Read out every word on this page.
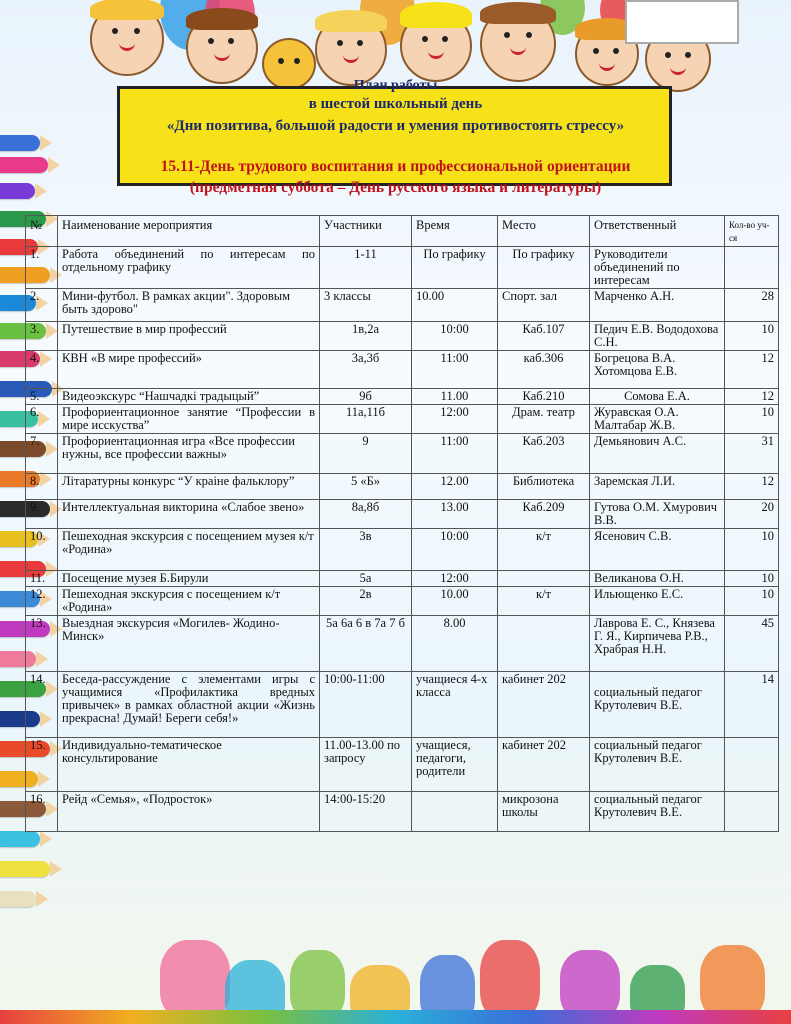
План работы
в шестой школьный день
«Дни позитива, большой радости и умения противостоять стрессу»
15.11-День трудового воспитания и профессиональной ориентации
(предметная суббота – День русского языка и литературы)
№	Наименование мероприятия	Участники	Время	Место	Ответственный	Кол-во уч-ся
1.	Работа объединений по интересам по отдельному графику	1-11	По графику	По графику	Руководители объединений по интересам	
2.	Мини-футбол. В рамках акции". Здоровым быть здорово"	3 классы	10.00	Спорт. зал	Марченко А.Н.	28
3.	Путешествие в мир профессий	1в,2а	10:00	Каб.107	Педич Е.В. Вододохова С.Н.	10
4.	КВН «В мире профессий»	3а,3б	11:00	каб.306	Богрецова В.А. Хотомцова Е.В.	12
5.	Видеоэкскурс “Нашчадкі традыцый”	9б	11.00	Каб.210	Сомова Е.А.	12
6.	Профориентационное занятие “Профессии в мире исскуства”	11а,11б	12:00	Драм. театр	Журавская О.А. Малтабар Ж.В.	10
7.	Профориентационная игра «Все профессии нужны, все профессии важны»	9	11:00	Каб.203	Демьянович А.С.	31
8.	Літаратурны конкурс “У краіне фальклору”	5 «Б»	12.00	Библиотека	Заремская Л.И.	12
9.	Интеллектуальная викторина «Слабое звено»	8а,8б	13.00	Каб.209	Гутова О.М. Хмурович В.В.	20
10.	Пешеходная экскурсия с посещением музея к/т «Родина»	3в	10:00	к/т	Ясенович С.В.	10
11.	Посещение музея Б.Бирули	5а	12:00		Великанова О.Н.	10
12.	Пешеходная экскурсия с посещением к/т «Родина»	2в	10.00	к/т	Ильющенко Е.С.	10
13.	Выездная экскурсия «Могилев- Жодино- Минск»	5а 6а 6 в 7а 7 б	8.00		Лаврова Е. С., Князева Г. Я., Кирпичева Р.В., Храбрая Н.Н.	45
14.	Беседа-рассуждение с элементами игры с учащимися «Профилактика вредных привычек» в рамках областной акции «Жизнь прекрасна! Думай! Береги себя!»	10:00-11:00	учащиеся 4-х класса	кабинет 202	социальный педагог Крутолевич В.Е.	14
15.	Индивидуально-тематическое консультирование	11.00-13.00 по запросу	учащиеся, педагоги, родители	кабинет 202	социальный педагог Крутолевич В.Е.	
16.	Рейд «Семья», «Подросток»	14:00-15:20		микрозона школы	социальный педагог Крутолевич В.Е.	
